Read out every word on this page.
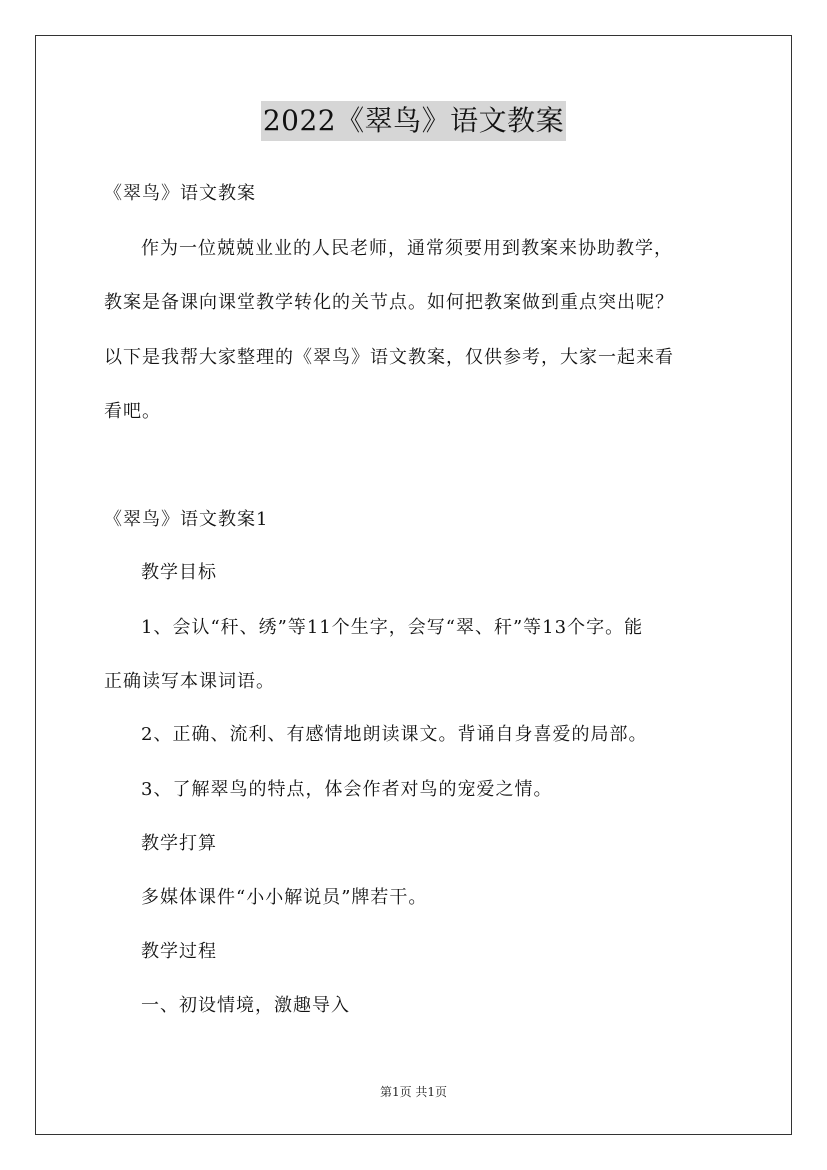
2022《翠鸟》语文教案

《翠鸟》语文教案

作为一位兢兢业业的人民老师，通常须要用到教案来协助教学，

教案是备课向课堂教学转化的关节点。如何把教案做到重点突出呢？

以下是我帮大家整理的《翠鸟》语文教案，仅供参考，大家一起来看

看吧。

《翠鸟》语文教案1

教学目标

1、会认“秆、绣”等11个生字，会写“翠、秆”等13个字。能

正确读写本课词语。

2、正确、流利、有感情地朗读课文。背诵自身喜爱的局部。

3、了解翠鸟的特点，体会作者对鸟的宠爱之情。

教学打算

多媒体课件“小小解说员”牌若干。

教学过程

一、初设情境，激趣导入

第1页 共1页
